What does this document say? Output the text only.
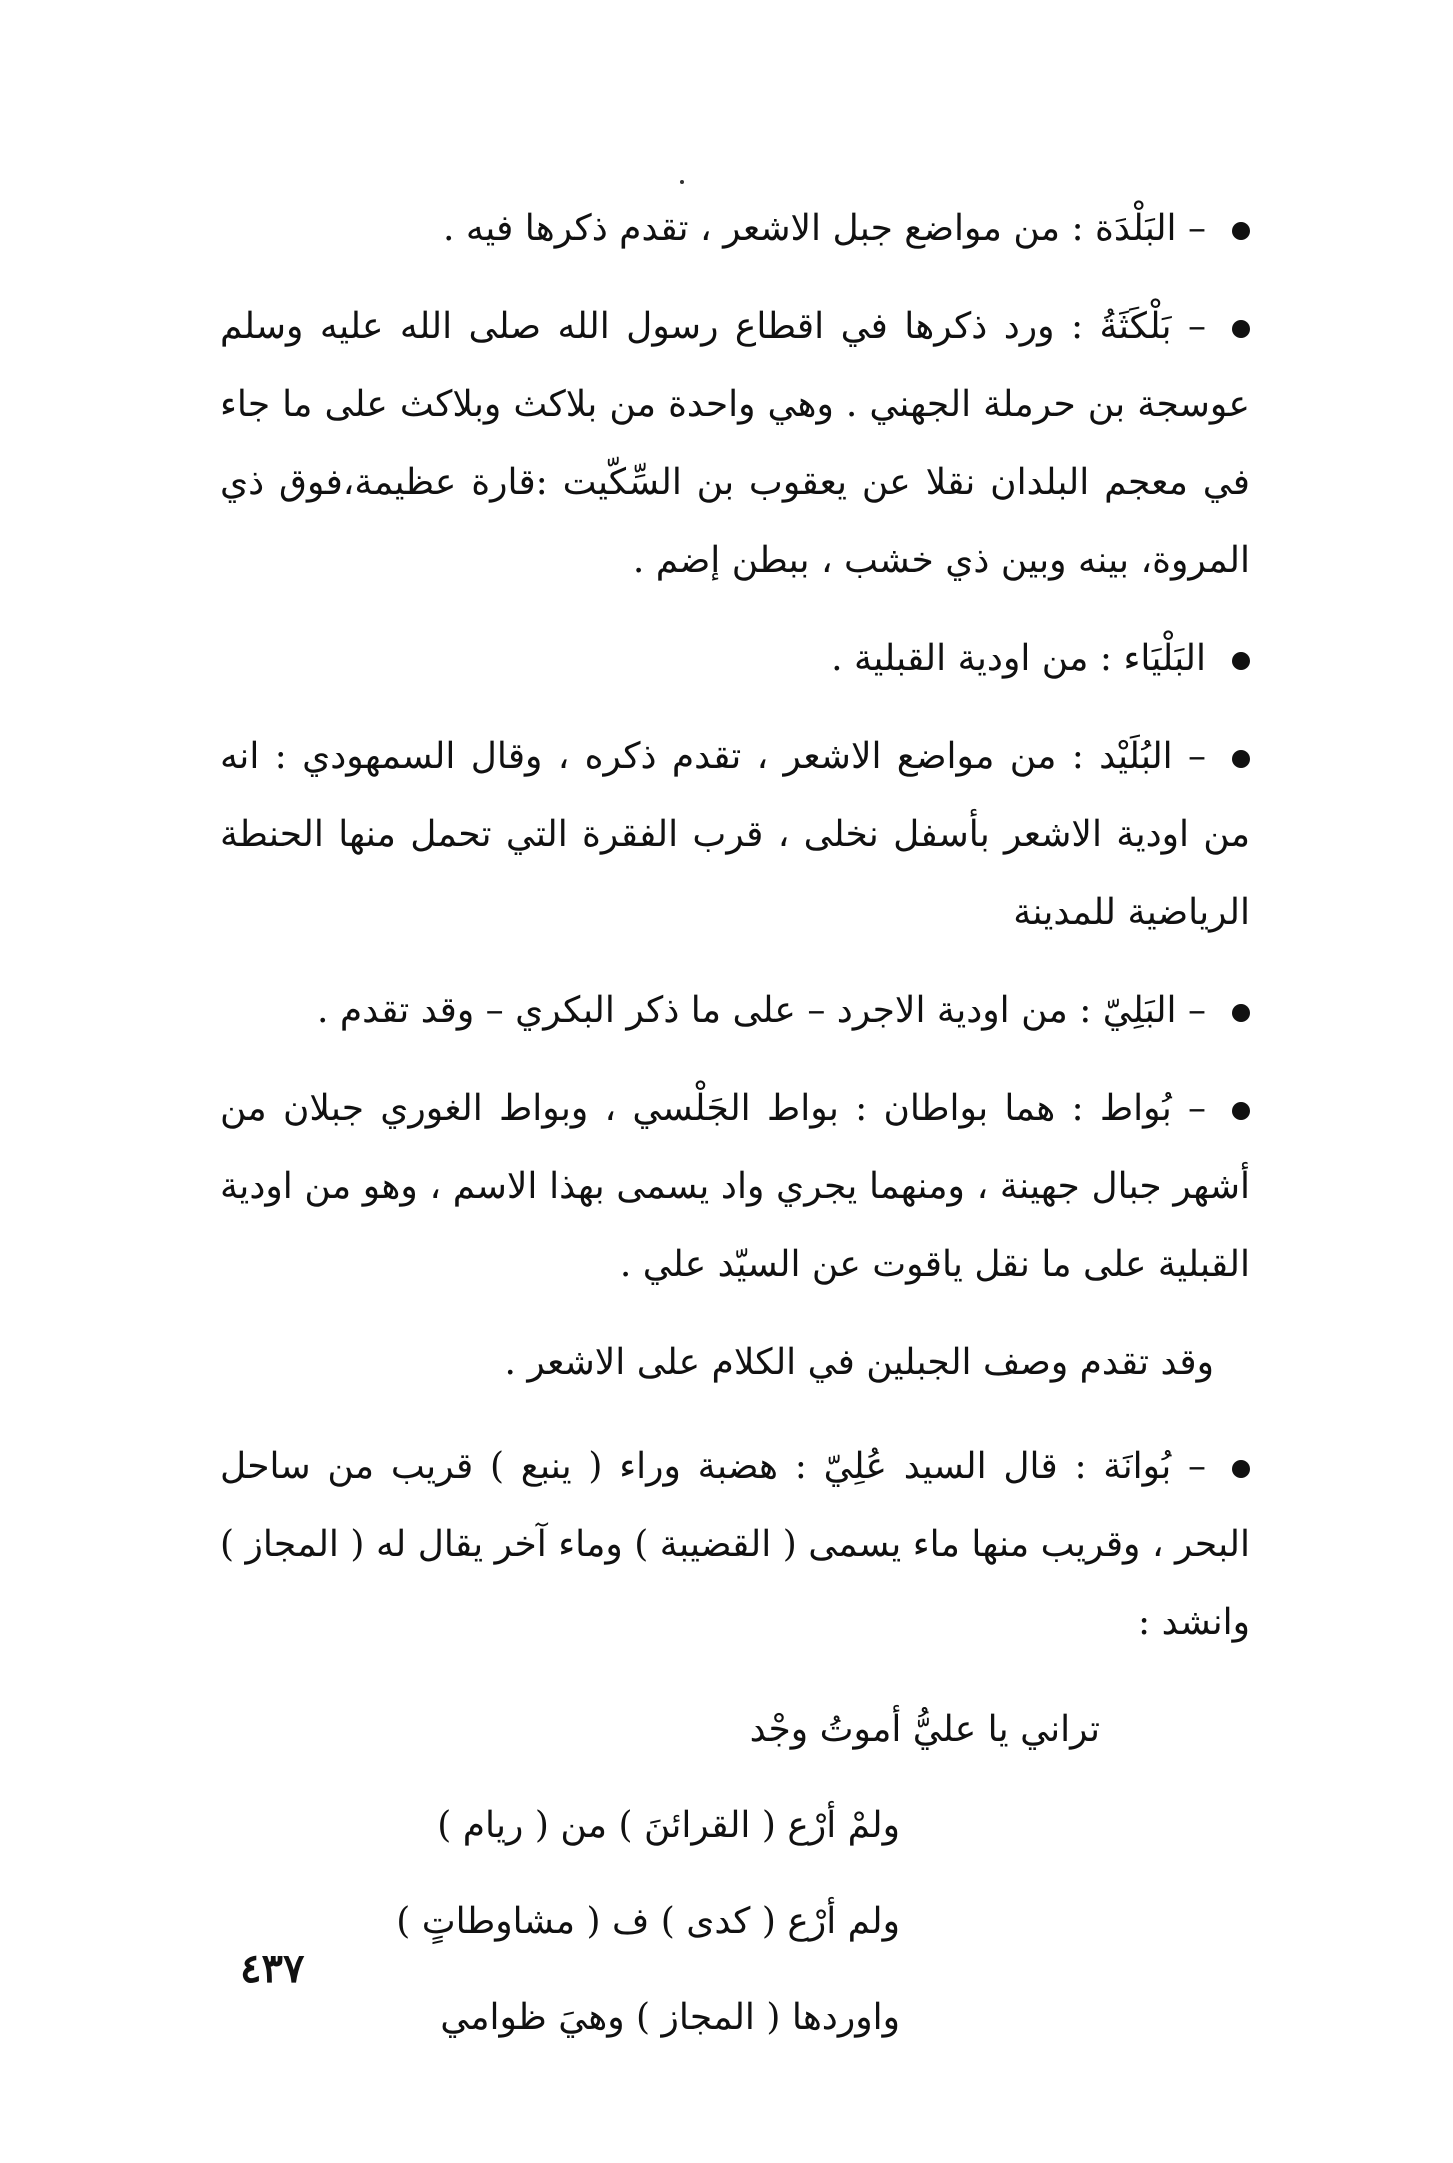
– البَلْدَة : من مواضع جبل الاشعر ، تقدم ذكرها فيه .
– بَلْكَثَةُ : ورد ذكرها في اقطاع رسول الله صلى الله عليه وسلم عوسجة بن حرملة الجهني . وهي واحدة من بلاكث وبلاكث على ما جاء في معجم البلدان نقلا عن يعقوب بن السِّكّيت :قارة عظيمة،فوق ذي المروة، بينه وبين ذي خشب ، ببطن إضم .
البَلْيَاء : من اودية القبلية .
– البُلَيْد : من مواضع الاشعر ، تقدم ذكره ، وقال السمهودي : انه من اودية الاشعر بأسفل نخلى ، قرب الفقرة التي تحمل منها الحنطة الرياضية للمدينة
– البَلِيّ : من اودية الاجرد – على ما ذكر البكري – وقد تقدم .
– بُواط : هما بواطان : بواط الجَلْسي ، وبواط الغوري جبلان من أشهر جبال جهينة ، ومنهما يجري واد يسمى بهذا الاسم ، وهو من اودية القبلية على ما نقل ياقوت عن السيّد علي .
وقد تقدم وصف الجبلين في الكلام على الاشعر .
– بُوانَة : قال السيد عُلِيّ : هضبة وراء ( ينبع ) قريب من ساحل البحر ، وقريب منها ماء يسمى ( القضيبة ) وماء آخر يقال له ( المجاز ) وانشد :
تراني يا عليُّ أموتُ وجْد
ولمْ أرْع ( القرائنَ ) من ( ريام )
ولم أرْع ( كدى ) ف ( مشاوطاتٍ )
واوردها ( المجاز ) وهيَ ظوامي
٤٣٧
